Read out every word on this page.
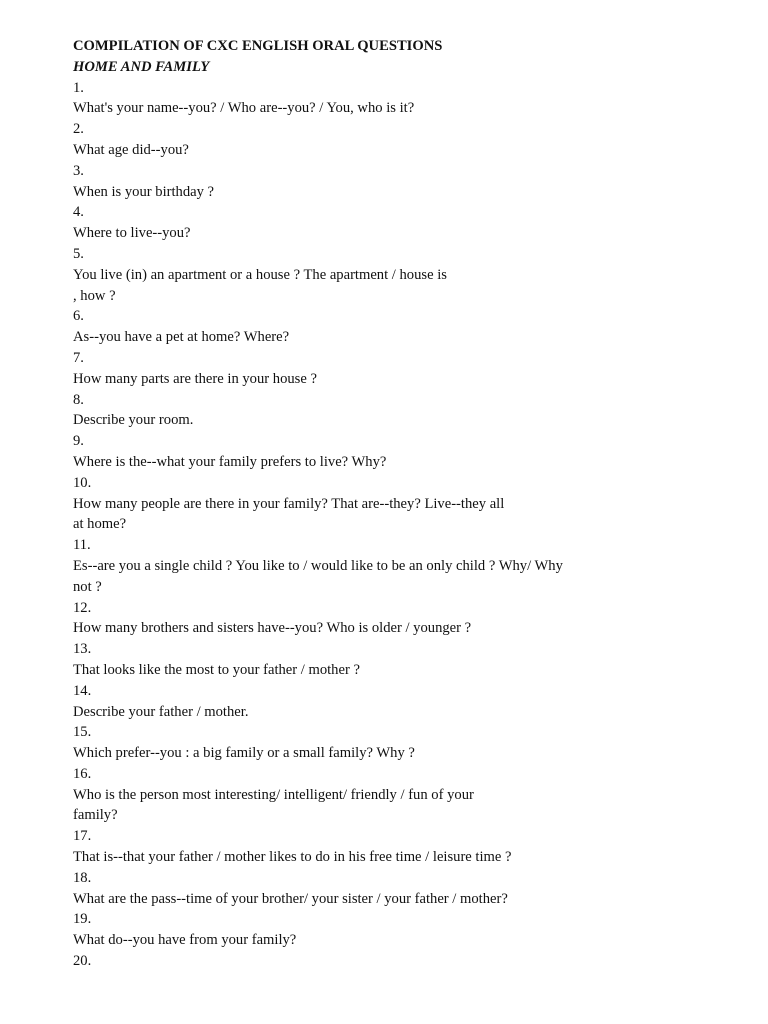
COMPILATION OF CXC ENGLISH ORAL QUESTIONS

HOME AND FAMILY

1.

What's your name--you? / Who are--you? / You, who is it?

2.

What age did--you?

3.

When is your birthday ?

4.

Where to live--you?

5.

You live (in) an apartment or a house ? The apartment / house is

, how ?

6.

As--you have a pet at home? Where?

7.

How many parts are there in your house ?

8.

Describe your room.

9.

Where is the--what your family prefers to live? Why?

10.

How many people are there in your family? That are--they? Live--they all

at home?

11.

Es--are you a single child ? You like to / would like to be an only child ? Why/ Why

not ?

12.

How many brothers and sisters have--you? Who is older / younger ?

13.

That looks like the most to your father / mother ?

14.

Describe your father / mother.

15.

Which prefer--you : a big family or a small family? Why ?

16.

Who is the person most interesting/ intelligent/ friendly / fun of your

family?

17.

That is--that your father / mother likes to do in his free time / leisure time ?

18.

What are the pass--time of your brother/ your sister / your father / mother?

19.

What do--you have from your family?

20.
